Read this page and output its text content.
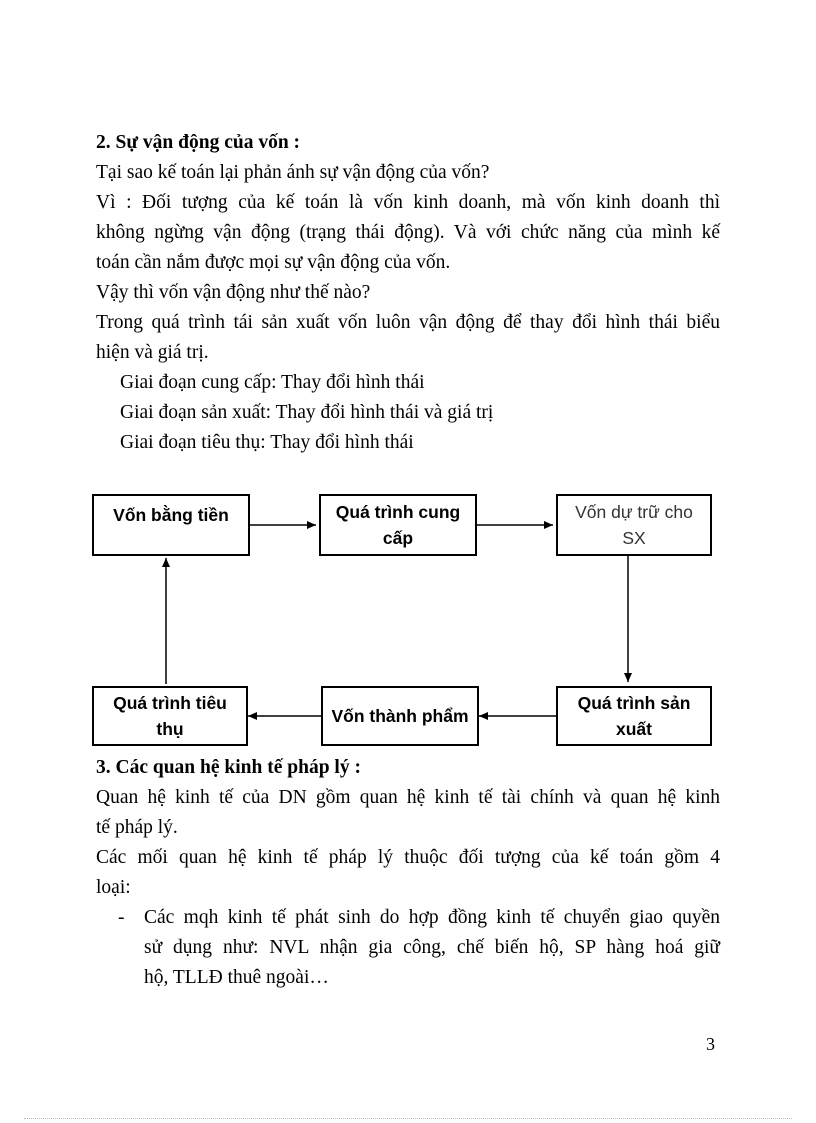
2. Sự vận động của vốn :
Tại sao kế toán lại phản ánh sự vận động của vốn?
Vì : Đối tượng của kế toán là vốn kinh doanh, mà vốn kinh doanh thì
không ngừng vận động (trạng thái động). Và với chức năng của mình kế
toán cần nắm được mọi sự vận động của vốn.
Vậy thì vốn vận động như thế nào?
Trong quá trình tái sản xuất vốn luôn vận động để thay đổi hình thái biểu
hiện và giá trị.
Giai đoạn cung cấp: Thay đổi hình thái
Giai đoạn sản xuất: Thay đổi hình thái và giá trị
Giai đoạn tiêu thụ: Thay đổi hình thái
Vốn bằng tiền	Quá trình cung cấp
Vốn dự trữ cho SX
Quá trình tiêu thụ
Vốn thành phẩm
Quá trình sản xuất
3. Các quan hệ kinh tế pháp lý :
Quan hệ kinh tế của DN gồm quan hệ kinh tế tài chính và quan hệ kinh
tế pháp lý.
Các mối quan hệ kinh tế pháp lý thuộc đối tượng của kế toán gồm 4
loại:
- Các mqh kinh tế phát sinh do hợp đồng kinh tế chuyển giao quyền
sử dụng như: NVL nhận gia công, chế biến hộ, SP hàng hoá giữ
hộ, TLLĐ thuê ngoài…
3
